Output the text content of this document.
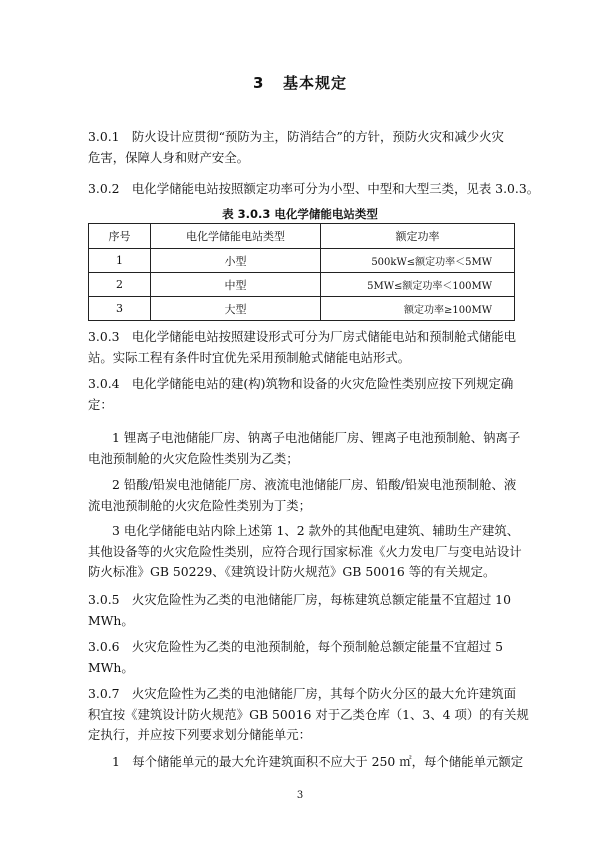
3 基本规定
3.0.1　防火设计应贯彻“预防为主，防消结合”的方针，预防火灾和减少火灾
危害，保障人身和财产安全。
3.0.2　电化学储能电站按照额定功率可分为小型、中型和大型三类，见表 3.0.3。
表 3.0.3 电化学储能电站类型
序号	电化学储能电站类型	额定功率
1	小型	500kW≤额定功率＜5MW
2	中型	5MW≤额定功率＜100MW
3	大型	额定功率≥100MW
3.0.3　电化学储能电站按照建设形式可分为厂房式储能电站和预制舱式储能电
站。实际工程有条件时宜优先采用预制舱式储能电站形式。
3.0.4　电化学储能电站的建(构)筑物和设备的火灾危险性类别应按下列规定确
定：
1 锂离子电池储能厂房、钠离子电池储能厂房、锂离子电池预制舱、钠离子
电池预制舱的火灾危险性类别为乙类；
2 铅酸/铅炭电池储能厂房、液流电池储能厂房、铅酸/铅炭电池预制舱、液
流电池预制舱的火灾危险性类别为丁类；
3 电化学储能电站内除上述第 1、2 款外的其他配电建筑、辅助生产建筑、
其他设备等的火灾危险性类别，应符合现行国家标准《火力发电厂与变电站设计
防火标准》GB 50229、《建筑设计防火规范》GB 50016 等的有关规定。
3.0.5　火灾危险性为乙类的电池储能厂房，每栋建筑总额定能量不宜超过 10
MWh。
3.0.6　火灾危险性为乙类的电池预制舱，每个预制舱总额定能量不宜超过 5
MWh。
3.0.7　火灾危险性为乙类的电池储能厂房，其每个防火分区的最大允许建筑面
积宜按《建筑设计防火规范》GB 50016 对于乙类仓库（1、3、4 项）的有关规
定执行，并应按下列要求划分储能单元：
1　每个储能单元的最大允许建筑面积不应大于 250 ㎡，每个储能单元额定
3
